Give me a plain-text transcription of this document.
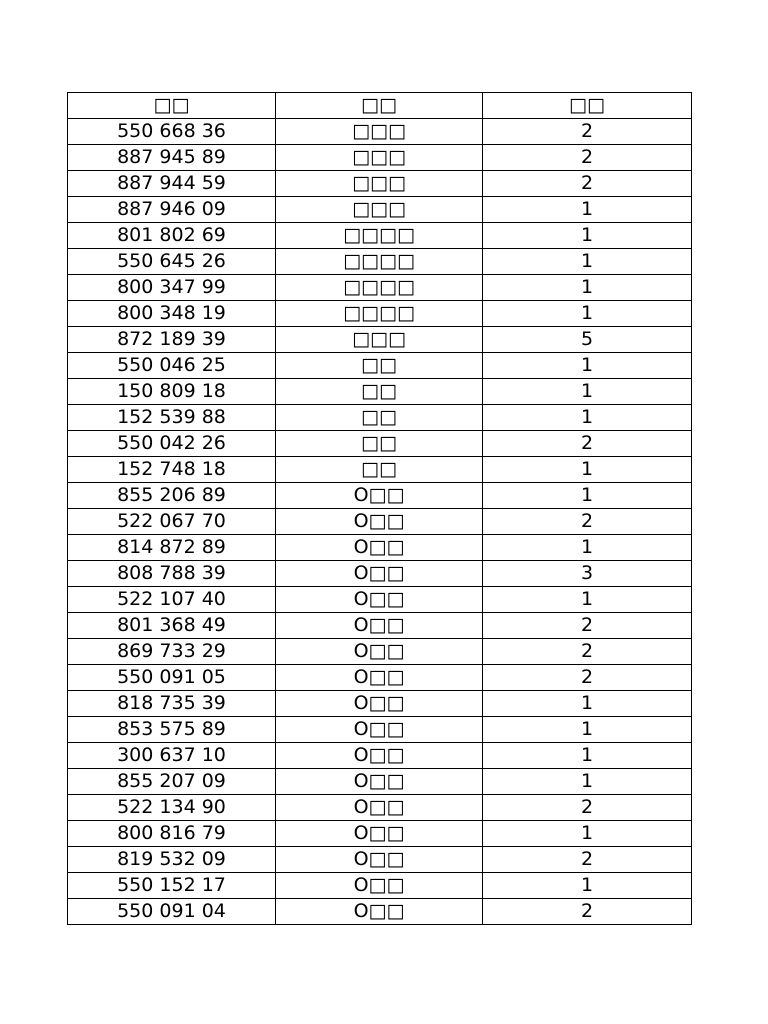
□□	□□	□□
550 668 36	□□□	2
887 945 89	□□□	2
887 944 59	□□□	2
887 946 09	□□□	1
801 802 69	□□□□	1
550 645 26	□□□□	1
800 347 99	□□□□	1
800 348 19	□□□□	1
872 189 39	□□□	5
550 046 25	□□	1
150 809 18	□□	1
152 539 88	□□	1
550 042 26	□□	2
152 748 18	□□	1
855 206 89	O□□	1
522 067 70	O□□	2
814 872 89	O□□	1
808 788 39	O□□	3
522 107 40	O□□	1
801 368 49	O□□	2
869 733 29	O□□	2
550 091 05	O□□	2
818 735 39	O□□	1
853 575 89	O□□	1
300 637 10	O□□	1
855 207 09	O□□	1
522 134 90	O□□	2
800 816 79	O□□	1
819 532 09	O□□	2
550 152 17	O□□	1
550 091 04	O□□	2
